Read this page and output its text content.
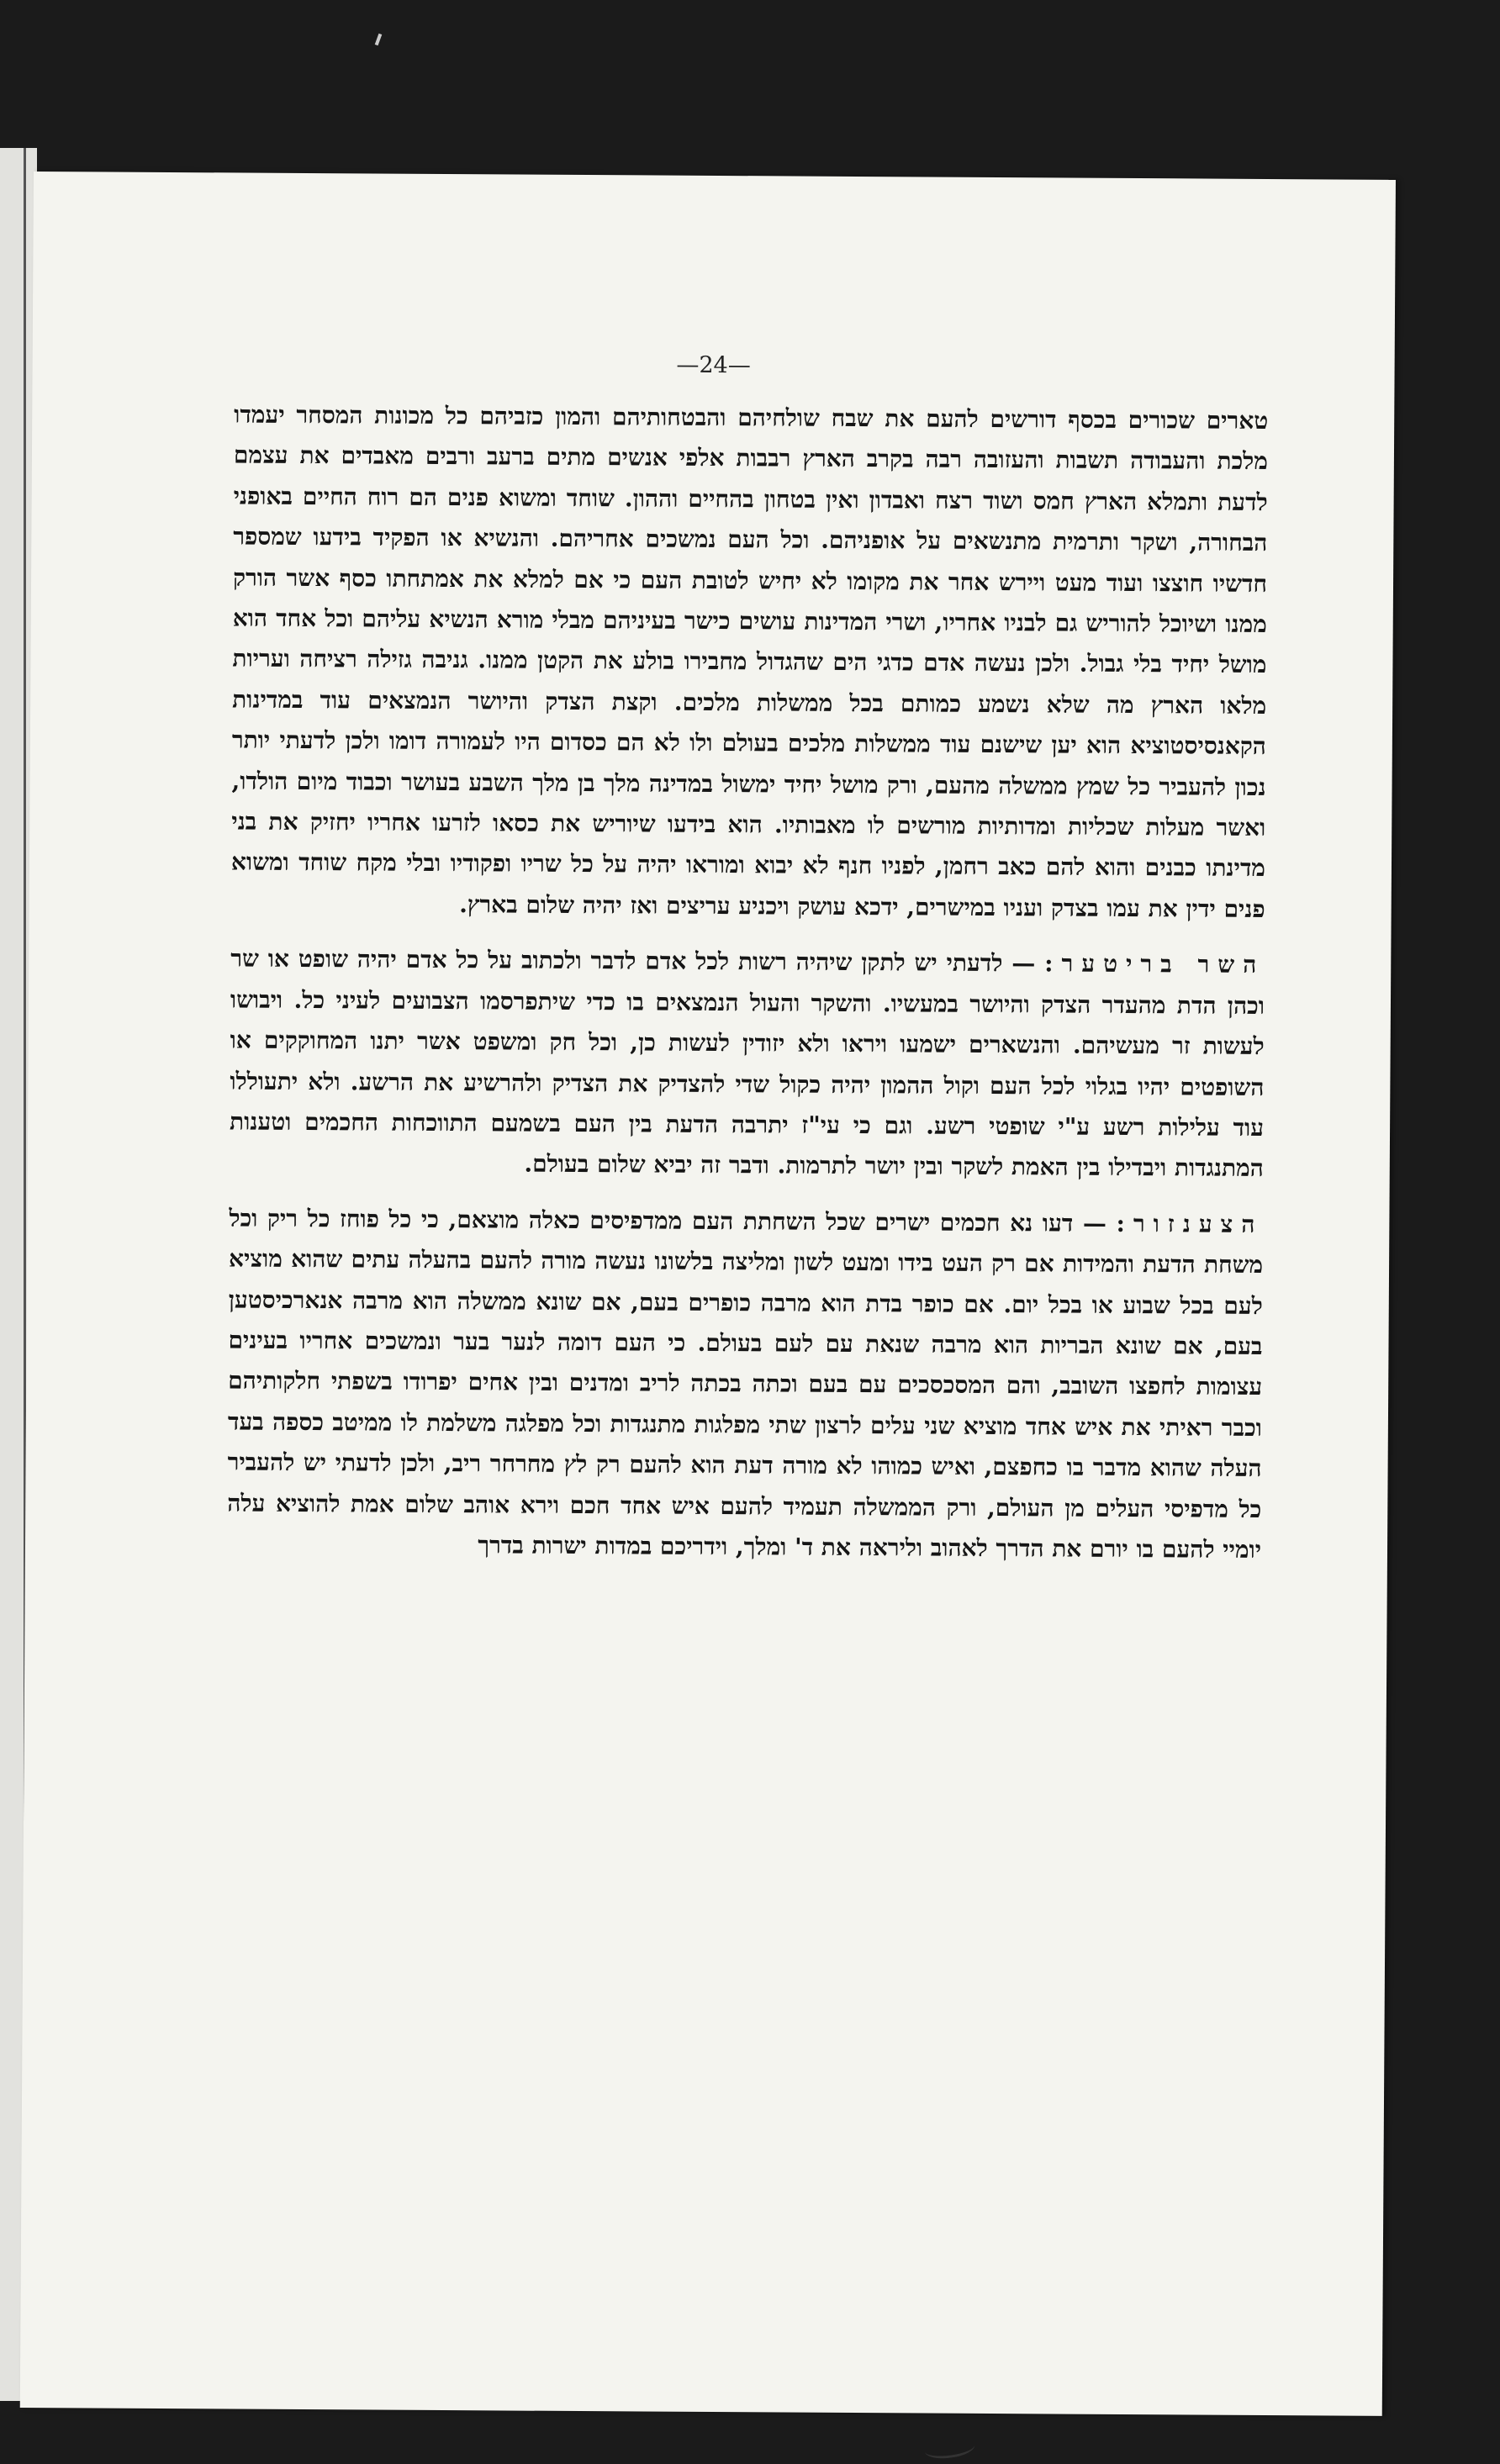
—24—

טארים שכורים בכסף דורשים להעם את שבח שולחיהם והבטחותיהם והמון כזביהם כל מכונות המסחר יעמדו מלכת והעבודה תשבות והעזובה רבה בקרב הארץ רבבות אלפי אנשים מתים ברעב ורבים מאבדים את עצמם לדעת ותמלא הארץ חמס ושוד רצח ואבדון ואין בטחון בהחיים וההון. שוחד ומשוא פנים הם רוח החיים באופני הבחורה, ושקר ותרמית מתנשאים על אופניהם. וכל העם נמשכים אחריהם. והנשיא או הפקיד בידעו שמספר חדשיו חוצצו ועוד מעט ויירש אחר את מקומו לא יחיש לטובת העם כי אם למלא את אמתחתו כסף אשר הורק ממנו ושיוכל להוריש גם לבניו אחריו, ושרי המדינות עושים כישר בעיניהם מבלי מורא הנשיא עליהם וכל אחד הוא מושל יחיד בלי גבול. ולכן נעשה אדם כדגי הים שהגדול מחבירו בולע את הקטן ממנו. גניבה גזילה רציחה ועריות מלאו הארץ מה שלא נשמע כמותם בכל ממשלות מלכים. וקצת הצדק והיושר הנמצאים עוד במדינות הקאנסיסטוציא הוא יען שישנם עוד ממשלות מלכים בעולם ולו לא הם כסדום היו לעמורה דומו ולכן לדעתי יותר נכון להעביר כל שמץ ממשלה מהעם, ורק מושל יחיד ימשול במדינה מלך בן מלך השבע בעושר וכבוד מיום הולדו, ואשר מעלות שכליות ומדותיות מורשים לו מאבותיו. הוא בידעו שיוריש את כסאו לזרעו אחריו יחזיק את בני מדינתו כבנים והוא להם כאב רחמן, לפניו חנף לא יבוא ומוראו יהיה על כל שריו ופקודיו ובלי מקח שוחד ומשוא פנים ידין את עמו בצדק ועניו במישרים, ידכא עושק ויכניע עריצים ואז יהיה שלום בארץ.

השר בריטער: — לדעתי יש לתקן שיהיה רשות לכל אדם לדבר ולכתוב על כל אדם יהיה שופט או שר וכהן הדת מהעדר הצדק והיושר במעשיו. והשקר והעול הנמצאים בו כדי שיתפרסמו הצבועים לעיני כל. ויבושו לעשות זר מעשיהם. והנשארים ישמעו ויראו ולא יזודין לעשות כן, וכל חק ומשפט אשר יתנו המחוקקים או השופטים יהיו בגלוי לכל העם וקול ההמון יהיה כקול שדי להצדיק את הצדיק ולהרשיע את הרשע. ולא יתעוללו עוד עלילות רשע ע"י שופטי רשע. וגם כי עי"ז יתרבה הדעת בין העם בשמעם התווכחות החכמים וטענות המתנגדות ויבדילו בין האמת לשקר ובין יושר לתרמות. ודבר זה יביא שלום בעולם.

הצענזור: — דעו נא חכמים ישרים שכל השחתת העם ממדפיסים כאלה מוצאם, כי כל פוחז כל ריק וכל משחת הדעת והמידות אם רק העט בידו ומעט לשון ומליצה בלשונו נעשה מורה להעם בהעלה עתים שהוא מוציא לעם בכל שבוע או בכל יום. אם כופר בדת הוא מרבה כופרים בעם, אם שונא ממשלה הוא מרבה אנארכיסטען בעם, אם שונא הבריות הוא מרבה שנאת עם לעם בעולם. כי העם דומה לנער בער ונמשכים אחריו בעינים עצומות לחפצו השובב, והם המסכסכים עם בעם וכתה בכתה לריב ומדנים ובין אחים יפרודו בשפתי חלקותיהם וכבר ראיתי את איש אחד מוציא שני עלים לרצון שתי מפלגות מתנגדות וכל מפלגה משלמת לו ממיטב כספה בעד העלה שהוא מדבר בו כחפצם, ואיש כמוהו לא מורה דעת הוא להעם רק לץ מחרחר ריב, ולכן לדעתי יש להעביר כל מדפיסי העלים מן העולם, ורק הממשלה תעמיד להעם איש אחד חכם וירא אוהב שלום אמת להוציא עלה יומיי להעם בו יורם את הדרך לאהוב וליראה את ד' ומלך, וידריכם במדות ישרות בדרך
